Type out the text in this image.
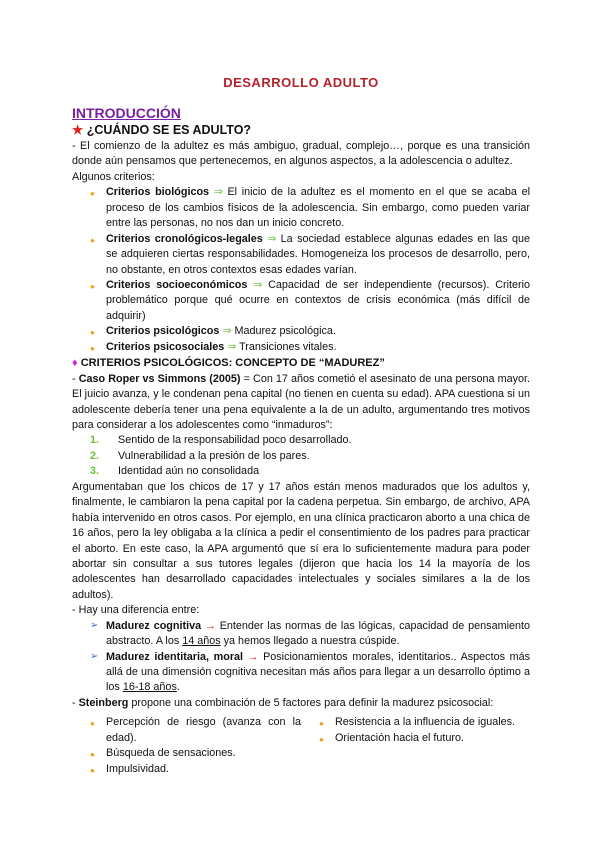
DESARROLLO ADULTO
INTRODUCCIÓN
★ ¿CUÁNDO SE ES ADULTO?

- El comienzo de la adultez es más ambiguo, gradual, complejo…, porque es una transición donde aún pensamos que pertenecemos, en algunos aspectos, a la adolescencia o adultez.

Algunos criterios:

● Criterios biológicos ⇒ El inicio de la adultez es el momento en el que se acaba el proceso de los cambios físicos de la adolescencia. Sin embargo, como pueden variar entre las personas, no nos dan un inicio concreto.
● Criterios cronológicos-legales ⇒ La sociedad establece algunas edades en las que se adquieren ciertas responsabilidades. Homogeneiza los procesos de desarrollo, pero, no obstante, en otros contextos esas edades varían.
● Criterios socioeconómicos ⇒ Capacidad de ser independiente (recursos). Criterio problemático porque qué ocurre en contextos de crisis económica (más difícil de adquirir)
● Criterios psicológicos ⇒ Madurez psicológica.
● Criterios psicosociales ⇒ Transiciones vitales.
♦ CRITERIOS PSICOLÓGICOS: CONCEPTO DE “MADUREZ”

- Caso Roper vs Simmons (2005) = Con 17 años cometió el asesinato de una persona mayor. El juicio avanza, y le condenan pena capital (no tienen en cuenta su edad). APA cuestiona si un adolescente debería tener una pena equivalente a la de un adulto, argumentando tres motivos para considerar a los adolescentes como “inmaduros”:

1. Sentido de la responsabilidad poco desarrollado.
2. Vulnerabilidad a la presión de los pares.
3. Identidad aún no consolidada

Argumentaban que los chicos de 17 y 17 años están menos madurados que los adultos y, finalmente, le cambiaron la pena capital por la cadena perpetua. Sin embargo, de archivo, APA había intervenido en otros casos. Por ejemplo, en una clínica practicaron aborto a una chica de 16 años, pero la ley obligaba a la clínica a pedir el consentimiento de los padres para practicar el aborto. En este caso, la APA argumentó que sí era lo suficientemente madura para poder abortar sin consultar a sus tutores legales (dijeron que hacia los 14 la mayoría de los adolescentes han desarrollado capacidades intelectuales y sociales similares a la de los adultos).

- Hay una diferencia entre:

➢ Madurez cognitiva → Entender las normas de las lógicas, capacidad de pensamiento abstracto. A los 14 años ya hemos llegado a nuestra cúspide.
➢ Madurez identitaria, moral → Posicionamientos morales, identitarios.. Aspectos más allá de una dimensión cognitiva necesitan más años para llegar a un desarrollo óptimo a los 16-18 años.

- Steinberg propone una combinación de 5 factores para definir la madurez psicosocial:

● Percepción de riesgo (avanza con la edad).
● Búsqueda de sensaciones.
● Impulsividad.
● Resistencia a la influencia de iguales.
● Orientación hacia el futuro.
